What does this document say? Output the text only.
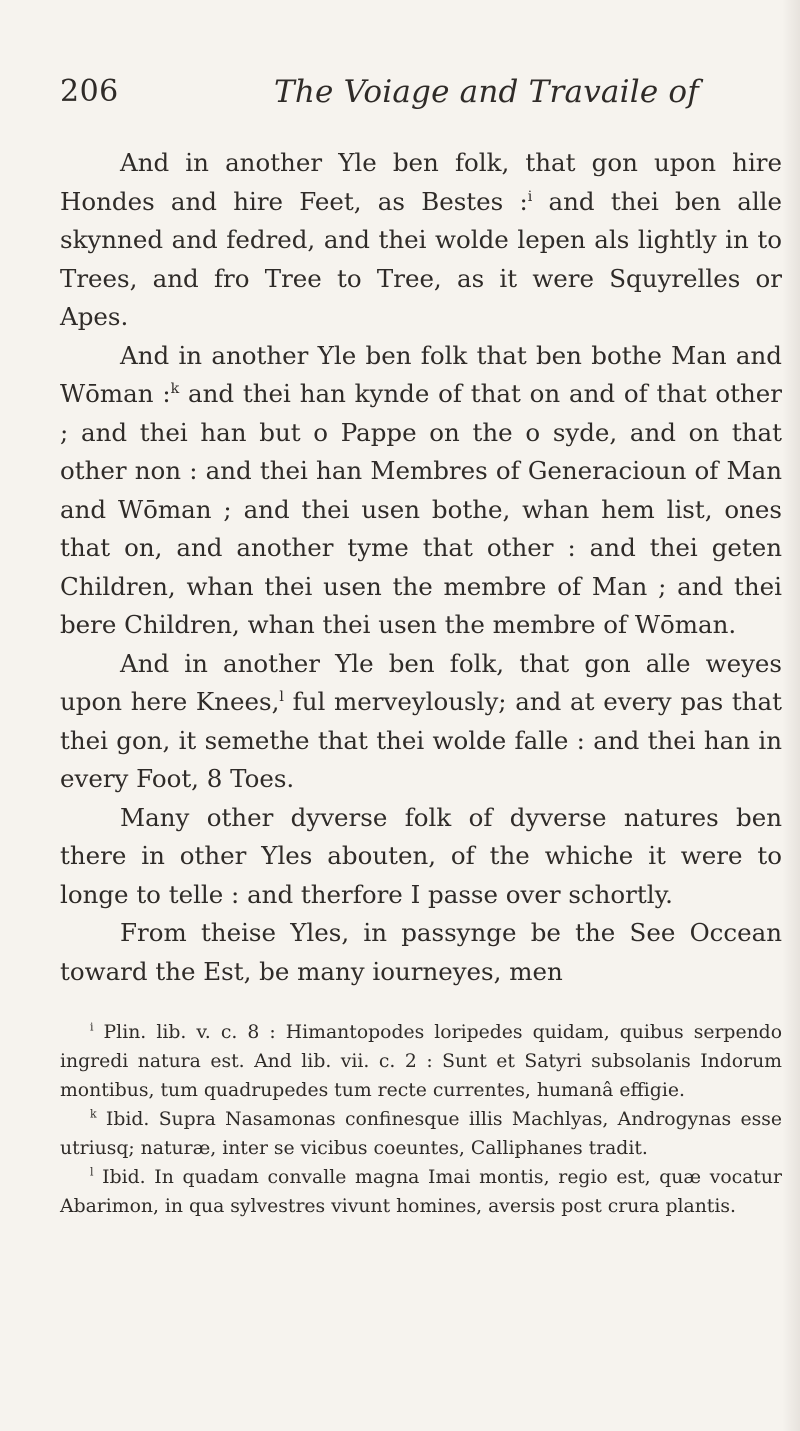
206	The Voiage and Travaile of

And in another Yle ben folk, that gon upon hire Hondes and hire Feet, as Bestes :$^i$ and thei ben alle skynned and fedred, and thei wolde lepen als lightly in to Trees, and fro Tree to Tree, as it were Squyrelles or Apes.

And in another Yle ben folk that ben bothe Man and Wōman :$^k$ and thei han kynde of that on and of that other ; and thei han but o Pappe on the o syde, and on that other non : and thei han Membres of Generacioun of Man and Wōman ; and thei usen bothe, whan hem list, ones that on, and another tyme that other : and thei geten Children, whan thei usen the membre of Man ; and thei bere Children, whan thei usen the membre of Wōman.

And in another Yle ben folk, that gon alle weyes upon here Knees,$^l$ ful merveylously; and at every pas that thei gon, it semethe that thei wolde falle : and thei han in every Foot, 8 Toes.

Many other dyverse folk of dyverse natures ben there in other Yles abouten, of the whiche it were to longe to telle : and therfore I passe over schortly.

From theise Yles, in passynge be the See Occean toward the Est, be many iourneyes, men

$^i$ Plin. lib. v. c. 8 : Himantopodes loripedes quidam, quibus serpendo ingredi natura est. And lib. vii. c. 2 : Sunt et Satyri subsolanis Indorum montibus, tum quadrupedes tum recte currentes, humanâ effigie.

$^k$ Ibid. Supra Nasamonas confinesque illis Machlyas, Androgynas esse utriusq; naturæ, inter se vicibus coeuntes, Calliphanes tradit.

$^l$ Ibid. In quadam convalle magna Imai montis, regio est, quæ vocatur Abarimon, in qua sylvestres vivunt homines, aversis post crura plantis.
